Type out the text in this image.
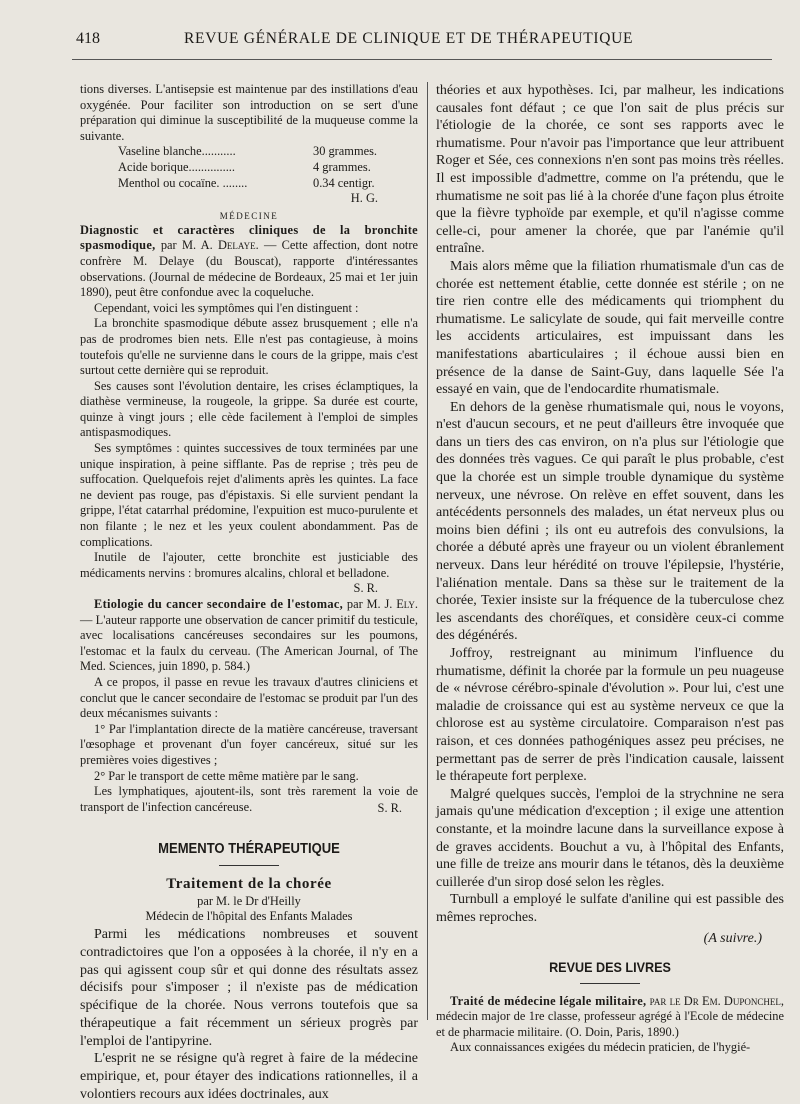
418	REVUE GÉNÉRALE DE CLINIQUE ET DE THÉRAPEUTIQUE

tions diverses. L'antisepsie est maintenue par des instillations d'eau oxygénée. Pour faciliter son introduction on se sert d'une préparation qui diminue la susceptibilité de la muqueuse comme la suivante.

Vaseline blanche...........	30 grammes.
Acide borique...............	4 grammes.
Menthol ou cocaïne. ........	0.34 centigr.
H. G.
MÉDECINE

Diagnostic et caractères cliniques de la bronchite spasmodique, par M. A. Delaye. — Cette affection, dont notre confrère M. Delaye (du Bouscat), rapporte d'intéressantes observations. (Journal de médecine de Bordeaux, 25 mai et 1er juin 1890), peut être confondue avec la coqueluche.

Cependant, voici les symptômes qui l'en distinguent :

La bronchite spasmodique débute assez brusquement ; elle n'a pas de prodromes bien nets. Elle n'est pas contagieuse, à moins toutefois qu'elle ne survienne dans le cours de la grippe, mais c'est surtout cette dernière qui se reproduit.

Ses causes sont l'évolution dentaire, les crises éclamptiques, la diathèse vermineuse, la rougeole, la grippe. Sa durée est courte, quinze à vingt jours ; elle cède facilement à l'emploi de simples antispasmodiques.

Ses symptômes : quintes successives de toux terminées par une unique inspiration, à peine sifflante. Pas de reprise ; très peu de suffocation. Quelquefois rejet d'aliments après les quintes. La face ne devient pas rouge, pas d'épistaxis. Si elle survient pendant la grippe, l'état catarrhal prédomine, l'expuition est muco-purulente et non filante ; le nez et les yeux coulent abondamment. Pas de complications.

Inutile de l'ajouter, cette bronchite est justiciable des médicaments nervins : bromures alcalins, chloral et belladone.

S. R.

Etiologie du cancer secondaire de l'estomac, par M. J. Ely. — L'auteur rapporte une observation de cancer primitif du testicule, avec localisations cancéreuses secondaires sur les poumons, l'estomac et la faulx du cerveau. (The American Journal, of The Med. Sciences, juin 1890, p. 584.)

A ce propos, il passe en revue les travaux d'autres cliniciens et conclut que le cancer secondaire de l'estomac se produit par l'un des deux mécanismes suivants :

1° Par l'implantation directe de la matière cancéreuse, traversant l'œsophage et provenant d'un foyer cancéreux, situé sur les premières voies digestives ;

2° Par le transport de cette même matière par le sang.

Les lymphatiques, ajoutent-ils, sont très rarement la voie de transport de l'infection cancéreuse.	S. R.
MEMENTO THÉRAPEUTIQUE
Traitement de la chorée
par M. le Dr d'Heilly
Médecin de l'hôpital des Enfants Malades

Parmi les médications nombreuses et souvent contradictoires que l'on a opposées à la chorée, il n'y en a pas qui agissent coup sûr et qui donne des résultats assez décisifs pour s'imposer ; il n'existe pas de médication spécifique de la chorée. Nous verrons toutefois que sa thérapeutique a fait récemment un sérieux progrès par l'emploi de l'antipyrine.

L'esprit ne se résigne qu'à regret à faire de la médecine empirique, et, pour étayer des indications rationnelles, il a volontiers recours aux idées doctrinales, aux

théories et aux hypothèses. Ici, par malheur, les indications causales font défaut ; ce que l'on sait de plus précis sur l'étiologie de la chorée, ce sont ses rapports avec le rhumatisme. Pour n'avoir pas l'importance que leur attribuent Roger et Sée, ces connexions n'en sont pas moins très réelles. Il est impossible d'admettre, comme on l'a prétendu, que le rhumatisme ne soit pas lié à la chorée d'une façon plus étroite que la fièvre typhoïde par exemple, et qu'il n'agisse comme celle-ci, pour amener la chorée, que par l'anémie qu'il entraîne.

Mais alors même que la filiation rhumatismale d'un cas de chorée est nettement établie, cette donnée est stérile ; on ne tire rien contre elle des médicaments qui triomphent du rhumatisme. Le salicylate de soude, qui fait merveille contre les accidents articulaires, est impuissant dans les manifestations abarticulaires ; il échoue aussi bien en présence de la danse de Saint-Guy, dans laquelle Sée l'a essayé en vain, que de l'endocardite rhumatismale.

En dehors de la genèse rhumatismale qui, nous le voyons, n'est d'aucun secours, et ne peut d'ailleurs être invoquée que dans un tiers des cas environ, on n'a plus sur l'étiologie que des données très vagues. Ce qui paraît le plus probable, c'est que la chorée est un simple trouble dynamique du système nerveux, une névrose. On relève en effet souvent, dans les antécédents personnels des malades, un état nerveux plus ou moins bien défini ; ils ont eu autrefois des convulsions, la chorée a débuté après une frayeur ou un violent ébranlement nerveux. Dans leur hérédité on trouve l'épilepsie, l'hystérie, l'aliénation mentale. Dans sa thèse sur le traitement de la chorée, Texier insiste sur la fréquence de la tuberculose chez les ascendants des choréïques, et considère ceux-ci comme des dégénérés.

Joffroy, restreignant au minimum l'influence du rhumatisme, définit la chorée par la formule un peu nuageuse de « névrose cérébro-spinale d'évolution ». Pour lui, c'est une maladie de croissance qui est au système nerveux ce que la chlorose est au système circulatoire. Comparaison n'est pas raison, et ces données pathogéniques assez peu précises, ne permettant pas de serrer de près l'indication causale, laissent le thérapeute fort perplexe.

Malgré quelques succès, l'emploi de la strychnine ne sera jamais qu'une médication d'exception ; il exige une attention constante, et la moindre lacune dans la surveillance expose à de graves accidents. Bouchut a vu, à l'hôpital des Enfants, une fille de treize ans mourir dans le tétanos, dès la deuxième cuillerée d'un sirop dosé selon les règles.

Turnbull a employé le sulfate d'aniline qui est passible des mêmes reproches.

(A suivre.)
REVUE DES LIVRES

Traité de médecine légale militaire, par le Dr Em. Duponchel, médecin major de 1re classe, professeur agrégé à l'Ecole de médecine et de pharmacie militaire. (O. Doin, Paris, 1890.)

Aux connaissances exigées du médecin praticien, de l'hygié-
